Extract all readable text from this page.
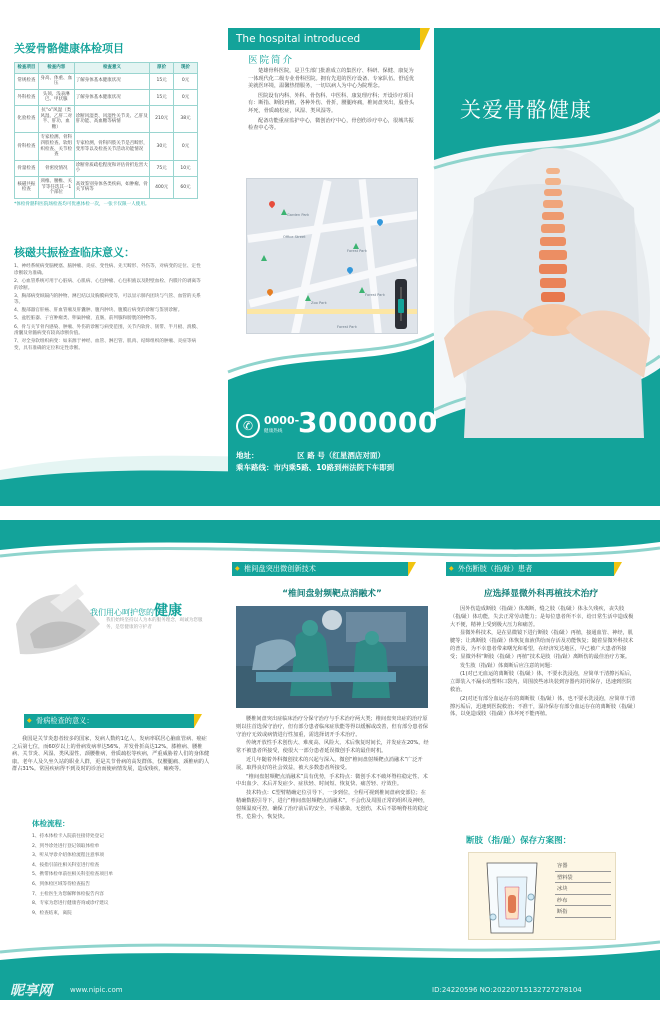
关爱骨骼健康体检项目
检查项目	检查内容	检查意义	原价	现价
常规检查	身高、体重、血压	了解身体基本健康状况	15元	0元
外科检查	头颈、浅表淋巴、甲状腺	了解身体基本健康状况	15元	0元
化验检查	抗“o”风湿（类风湿、乙肝二对半、肝功、血糖）	诊断风湿类、风湿性关节炎、乙肝及肝功能、高血糖等病情	210元	38元
骨科检查	专家检测、骨科四肢检查、软组织检查、关节检查	专家检测，骨科四肢关节是否畸形，变形等以及检查关节活动功能情况	30元	0元
骨量检查	骨密度情况	诊断骨质疏松程度和评估骨折危害大小	75元	10元
核磁共振检查	颈椎、腰椎、关节等任选其一1个部位	高效鉴别身体各类疾病，如肿瘤、骨关节病等	400元	60元
*体检骨骼科医院场检查均可优惠体检一次，一张卡仅限一人使用。
核磁共振检查临床意义：
1、神经系统病变脑梗塞、脑肿瘤、炎症、变性病、先天畸形、外伤等，对病变的定位、定性诊断较为准确。
2、心血管系统可用于心脏病、心肌病、心包肿瘤、心包积液以及附壁血栓、内膜片的剥离等的诊断。
3、胸部病变纵隔内的肿物、淋巴结以及胸膜病变等，可以显示肺内团块与气管、血管的关系等。
4、腹部器官肝癌、肝血管瘤及肝囊肿、腹内肿块、腹膜后病变的诊断与鉴别诊断。
5、盆腔脏器、子宫肿瘤类、卵巢肿瘤，直肠，前列腺和膀胱的肿物等。
6、骨与关节骨内感染、肿瘤、外伤的诊断与病变范围，关节内软骨、韧带、半月板、滑膜、滑囊及骨髓病变有较高诊断价值。
7、对全身软组织病变：如来源于神经、血管、淋巴管、肌肉、结缔组织的肿瘤、炎症等病变，具有准确的定位和定性诊断。
The hospital introduced
医院简介
楚雄骨科医院，是卫生部门批准成立的集医疗、科研、保健、康复为一体现代化二级专业骨科医院。拥有先进的医疗设备、专家队伍。舒适优美就医环境，温馨热情服务，一切以病人为中心为院理念。
医院设有内科、外科、骨伤科、中医科、康复理疗科；开设诊疗项目有：断指、断肢再植，各种外伤、骨折，腰腿疼痛，椎间盘突出，股骨头坏死，骨质疏松症，风湿、类风湿等。
配备功能重症监护中心，微创治疗中心，骨创伤诊疗中心，很城共振检查中心等。
Garden Park
Office Street
Forest Park
Zoo Park
Forest Park
Forest Park
✆ 0000-
健康热线 3000000
地址：	区 路 号（红星酒店对面）
乘车路线：市内乘5路、10路到州法院下车即到
关爱骨骼健康
我们用心呵护您的健康
我们始终坚持以人为本的服务理念，竭诚为您服务，是您健康的守护者
◆ 骨病检查的意义：
我国是关节炎患者较多的国家，发病人数约1亿人，发病率联居心脑血管病、癌症之后第七位，而60岁以上的骨病发病率达56%，并发骨折高达12%，膝椎病、腰椎病、关节炎、风湿、类风湿性、颈腰椎病，骨质疏松等疾病，严重威胁着人们的身体健康。老年人及久坐久站的职业人群，更是关节骨病的高发群体，仅腰腿痛、颈椎病的人群占31%。常因疾病得不到及时的诊治而使病情发展，造成残疾，瘫痪等。
体检流程：
1、持本体检卡入院前往接待处登记
2、到导诊处进行登记领取体检单
3、听从导诊介绍体检流程注意事项
4、按指引前往相关科室进行检查
5、携带体检单前往相关科室检查项目单
6、到体检区域等待检查报告
7、主检医生为您解释体检报告内容
8、专家为您进行健康咨询或诊疗建议
9、检查结束，离院
◆ 椎间盘突出微创新技术
“椎间盘射频靶点消融术”
腰椎间盘突出症临床治疗分保守治疗与手术治疗两大类；椎间盘突出症的治疗原则以往首选保守治疗，但有部分患者临床症状能等得以缓解或改善，但有部分患者保守治疗无效或病情进行性加重，需选择切开手术治疗。
传统开放性手术创伤大、难度高、风险大、术后恢复时间长，并发症在20%。经常不被患者所接受，使很大一部分患者延误微创手术的最佳时机。
近几年随着外科微创技术的兴起与深入，微创“椎间盘射频靶点消融术”广泛开展。取得良好的社会效益，被大多数患者所接受。
“椎间盘射频靶点消融术”具有优势，手术特点：微创手术不破坏脊柱稳定性、术中出血少、术后并发症少、症状轻、时间短、恢复快、痛苦轻、疗效佳。
技术特点：C型臂精确定位引导下，一步到位，全程可视到椎间盘病变部位；在精确数据引导下，进行“椎间盘射频靶点消融术”。不会伤及周围正常的组织及神经，射频温度可控，确保了治疗前后的安全，不易感染，无创伤，术后不影响脊柱的稳定性，危险小，恢复快。
◆ 外伤断肢（指/趾）患者
应选择显微外科再植技术治疗
因外伤造成断肢（指/趾）体离断，缝之肢（指/趾）体永久残疾，丧失肢（指/趾）体功能，失去正常劳动能力；是每位患者所不幸，给日常生活中造成极大不便，精神上受到极大压力和痛苦。
显微外科技术，是在显微镜下进行断肢（指/趾）再植，接通血管、神经，肌腱等；让离断肢（指/趾）体恢复血液供给而存活及功能恢复；随着显微外科技术的普及，为不幸患者带来曙光和希望，在经济发达地区，早已被广大患者所接受；显微外科“断肢（指/趾）再植”技术是肢（指/趾）离断伤的最佳治疗方案。
发生肢（指/趾）体离断后应注意的问题：
(1)对已无血运的离断肢（指/趾）体，不要水洗浸泡，应简单干清擦污垢后，立即装入不漏水的塑料口袋内，周围放些冰块装到容器内封闭保存，迅速到医院救治。
(2)对还有部分血运存在的离断肢（指/趾）体，也不要水洗浸泡，应简单干清擦污垢后，迅速到医院救治；不准干，湿冷保存有部分血运存在的离断肢（指/趾）体，以免造成肢（指/趾）体坏死不能再植。
断肢（指/趾）保存方案图：
容器
塑料袋
冰块
纱布
断指
昵享网	www.nipic.com	ID:24220596 NO:20220715132727278104
